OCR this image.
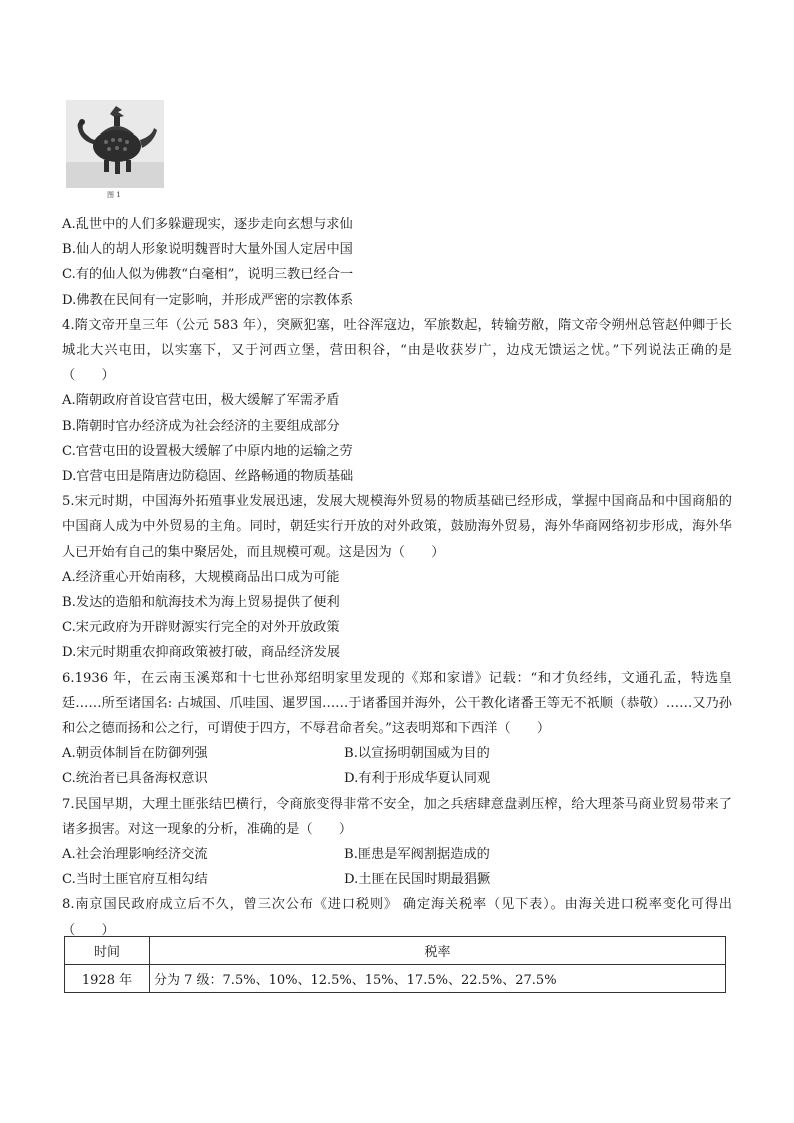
图 1
A.乱世中的人们多躲避现实，逐步走向玄想与求仙
B.仙人的胡人形象说明魏晋时大量外国人定居中国
C.有的仙人似为佛教“白毫相”，说明三教已经合一
D.佛教在民间有一定影响，并形成严密的宗教体系
4.隋文帝开皇三年（公元 583 年），突厥犯塞，吐谷浑寇边，军旅数起，转输劳敝，隋文帝令朔州总管赵仲卿于长城北大兴屯田，以实塞下，又于河西立堡，营田积谷，“由是收获岁广，边戍无馈运之忧。”下列说法正确的是（　　）
A.隋朝政府首设官营屯田，极大缓解了军需矛盾
B.隋朝时官办经济成为社会经济的主要组成部分
C.官营屯田的设置极大缓解了中原内地的运输之劳
D.官营屯田是隋唐边防稳固、丝路畅通的物质基础
5.宋元时期，中国海外拓殖事业发展迅速，发展大规模海外贸易的物质基础已经形成，掌握中国商品和中国商船的中国商人成为中外贸易的主角。同时，朝廷实行开放的对外政策，鼓励海外贸易，海外华商网络初步形成，海外华人已开始有自己的集中聚居处，而且规模可观。这是因为（　　）
A.经济重心开始南移，大规模商品出口成为可能
B.发达的造船和航海技术为海上贸易提供了便利
C.宋元政府为开辟财源实行完全的对外开放政策
D.宋元时期重农抑商政策被打破，商品经济发展
6.1936 年，在云南玉溪郑和十七世孙郑绍明家里发现的《郑和家谱》记载：“和才负经纬，文通孔孟，特选皇廷……所至诸国名: 占城国、爪哇国、暹罗国……于诸番国并海外，公干教化诸番王等无不祇顺（恭敬）……又乃孙和公之德而扬和公之行，可谓使于四方，不辱君命者矣。”这表明郑和下西洋（　　）
A.朝贡体制旨在防御列强	B.以宣扬明朝国威为目的
C.统治者已具备海权意识	D.有利于形成华夏认同观
7.民国早期，大理土匪张结巴横行，令商旅变得非常不安全，加之兵痞肆意盘剥压榨，给大理茶马商业贸易带来了诸多损害。对这一现象的分析，准确的是（　　）
A.社会治理影响经济交流	B.匪患是军阀割据造成的
C.当时土匪官府互相勾结	D.土匪在民国时期最猖獗
8.南京国民政府成立后不久，曾三次公布《进口税则》 确定海关税率（见下表）。由海关进口税率变化可得出（　　）
时间	税率
1928 年	分为 7 级：7.5%、10%、12.5%、15%、17.5%、22.5%、27.5%
